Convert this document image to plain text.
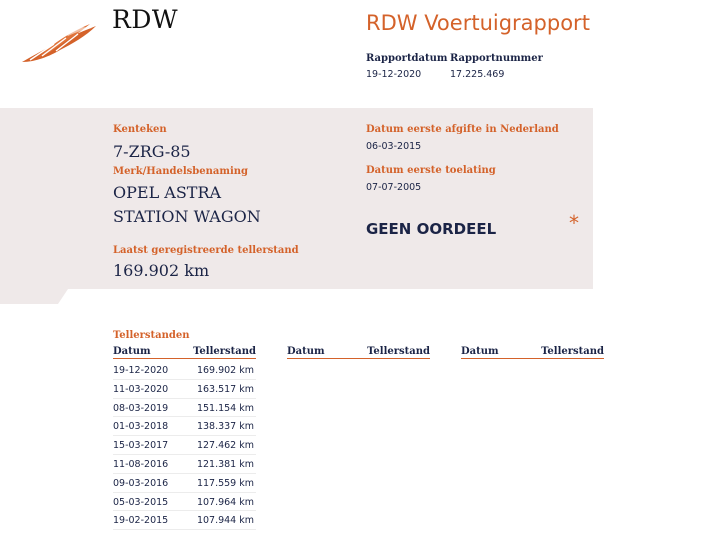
RDW	RDW Voertuigrapport
Rapportdatum
19-12-2020
Rapportnummer
17.225.469
Kenteken
7-ZRG-85
Merk/Handelsbenaming
OPEL ASTRA
STATION WAGON
Laatst geregistreerde tellerstand
169.902 km
Datum eerste afgifte in Nederland
06-03-2015
Datum eerste toelating
07-07-2005
GEEN OORDEEL	*
Tellerstanden
Datum	Tellerstand	Datum	Tellerstand	Datum	Tellerstand
19-12-2020	169.902 km
11-03-2020	163.517 km
08-03-2019	151.154 km
01-03-2018	138.337 km
15-03-2017	127.462 km
11-08-2016	121.381 km
09-03-2016	117.559 km
05-03-2015	107.964 km
19-02-2015	107.944 km
